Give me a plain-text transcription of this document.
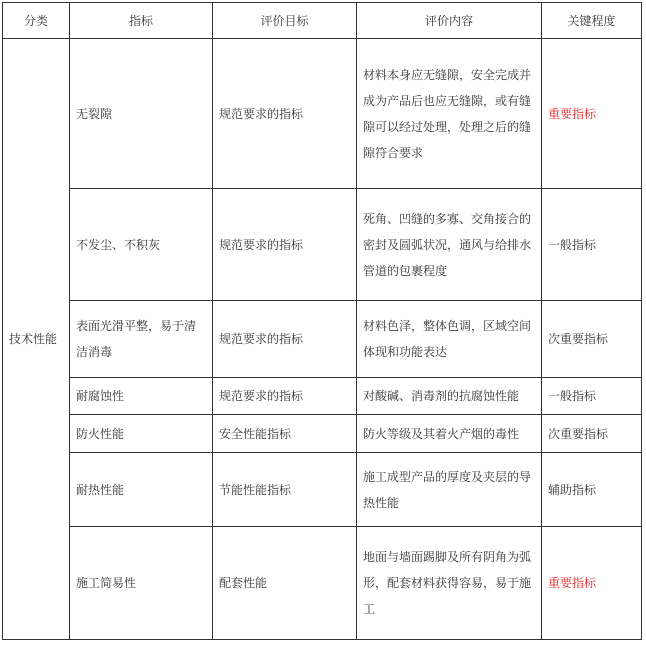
分类	指标	评价目标	评价内容	关键程度
技术性能	无裂隙	规范要求的指标	材料本身应无缝隙，安全完成并成为产品后也应无缝隙，或有缝隙可以经过处理，处理之后的缝隙符合要求	重要指标
	不发尘、不积灰	规范要求的指标	死角、凹缝的多寡、交角接合的密封及圆弧状况，通风与给排水管道的包裹程度	一般指标
	表面光滑平整，易于清洁消毒	规范要求的指标	材料色泽，整体色调，区域空间体现和功能表达	次重要指标
	耐腐蚀性	规范要求的指标	对酸碱、消毒剂的抗腐蚀性能	一般指标
	防火性能	安全性能指标	防火等级及其着火产烟的毒性	次重要指标
	耐热性能	节能性能指标	施工成型产品的厚度及夹层的导热性能	辅助指标
	施工简易性	配套性能	地面与墙面踢脚及所有阴角为弧形，配套材料获得容易，易于施工	重要指标
